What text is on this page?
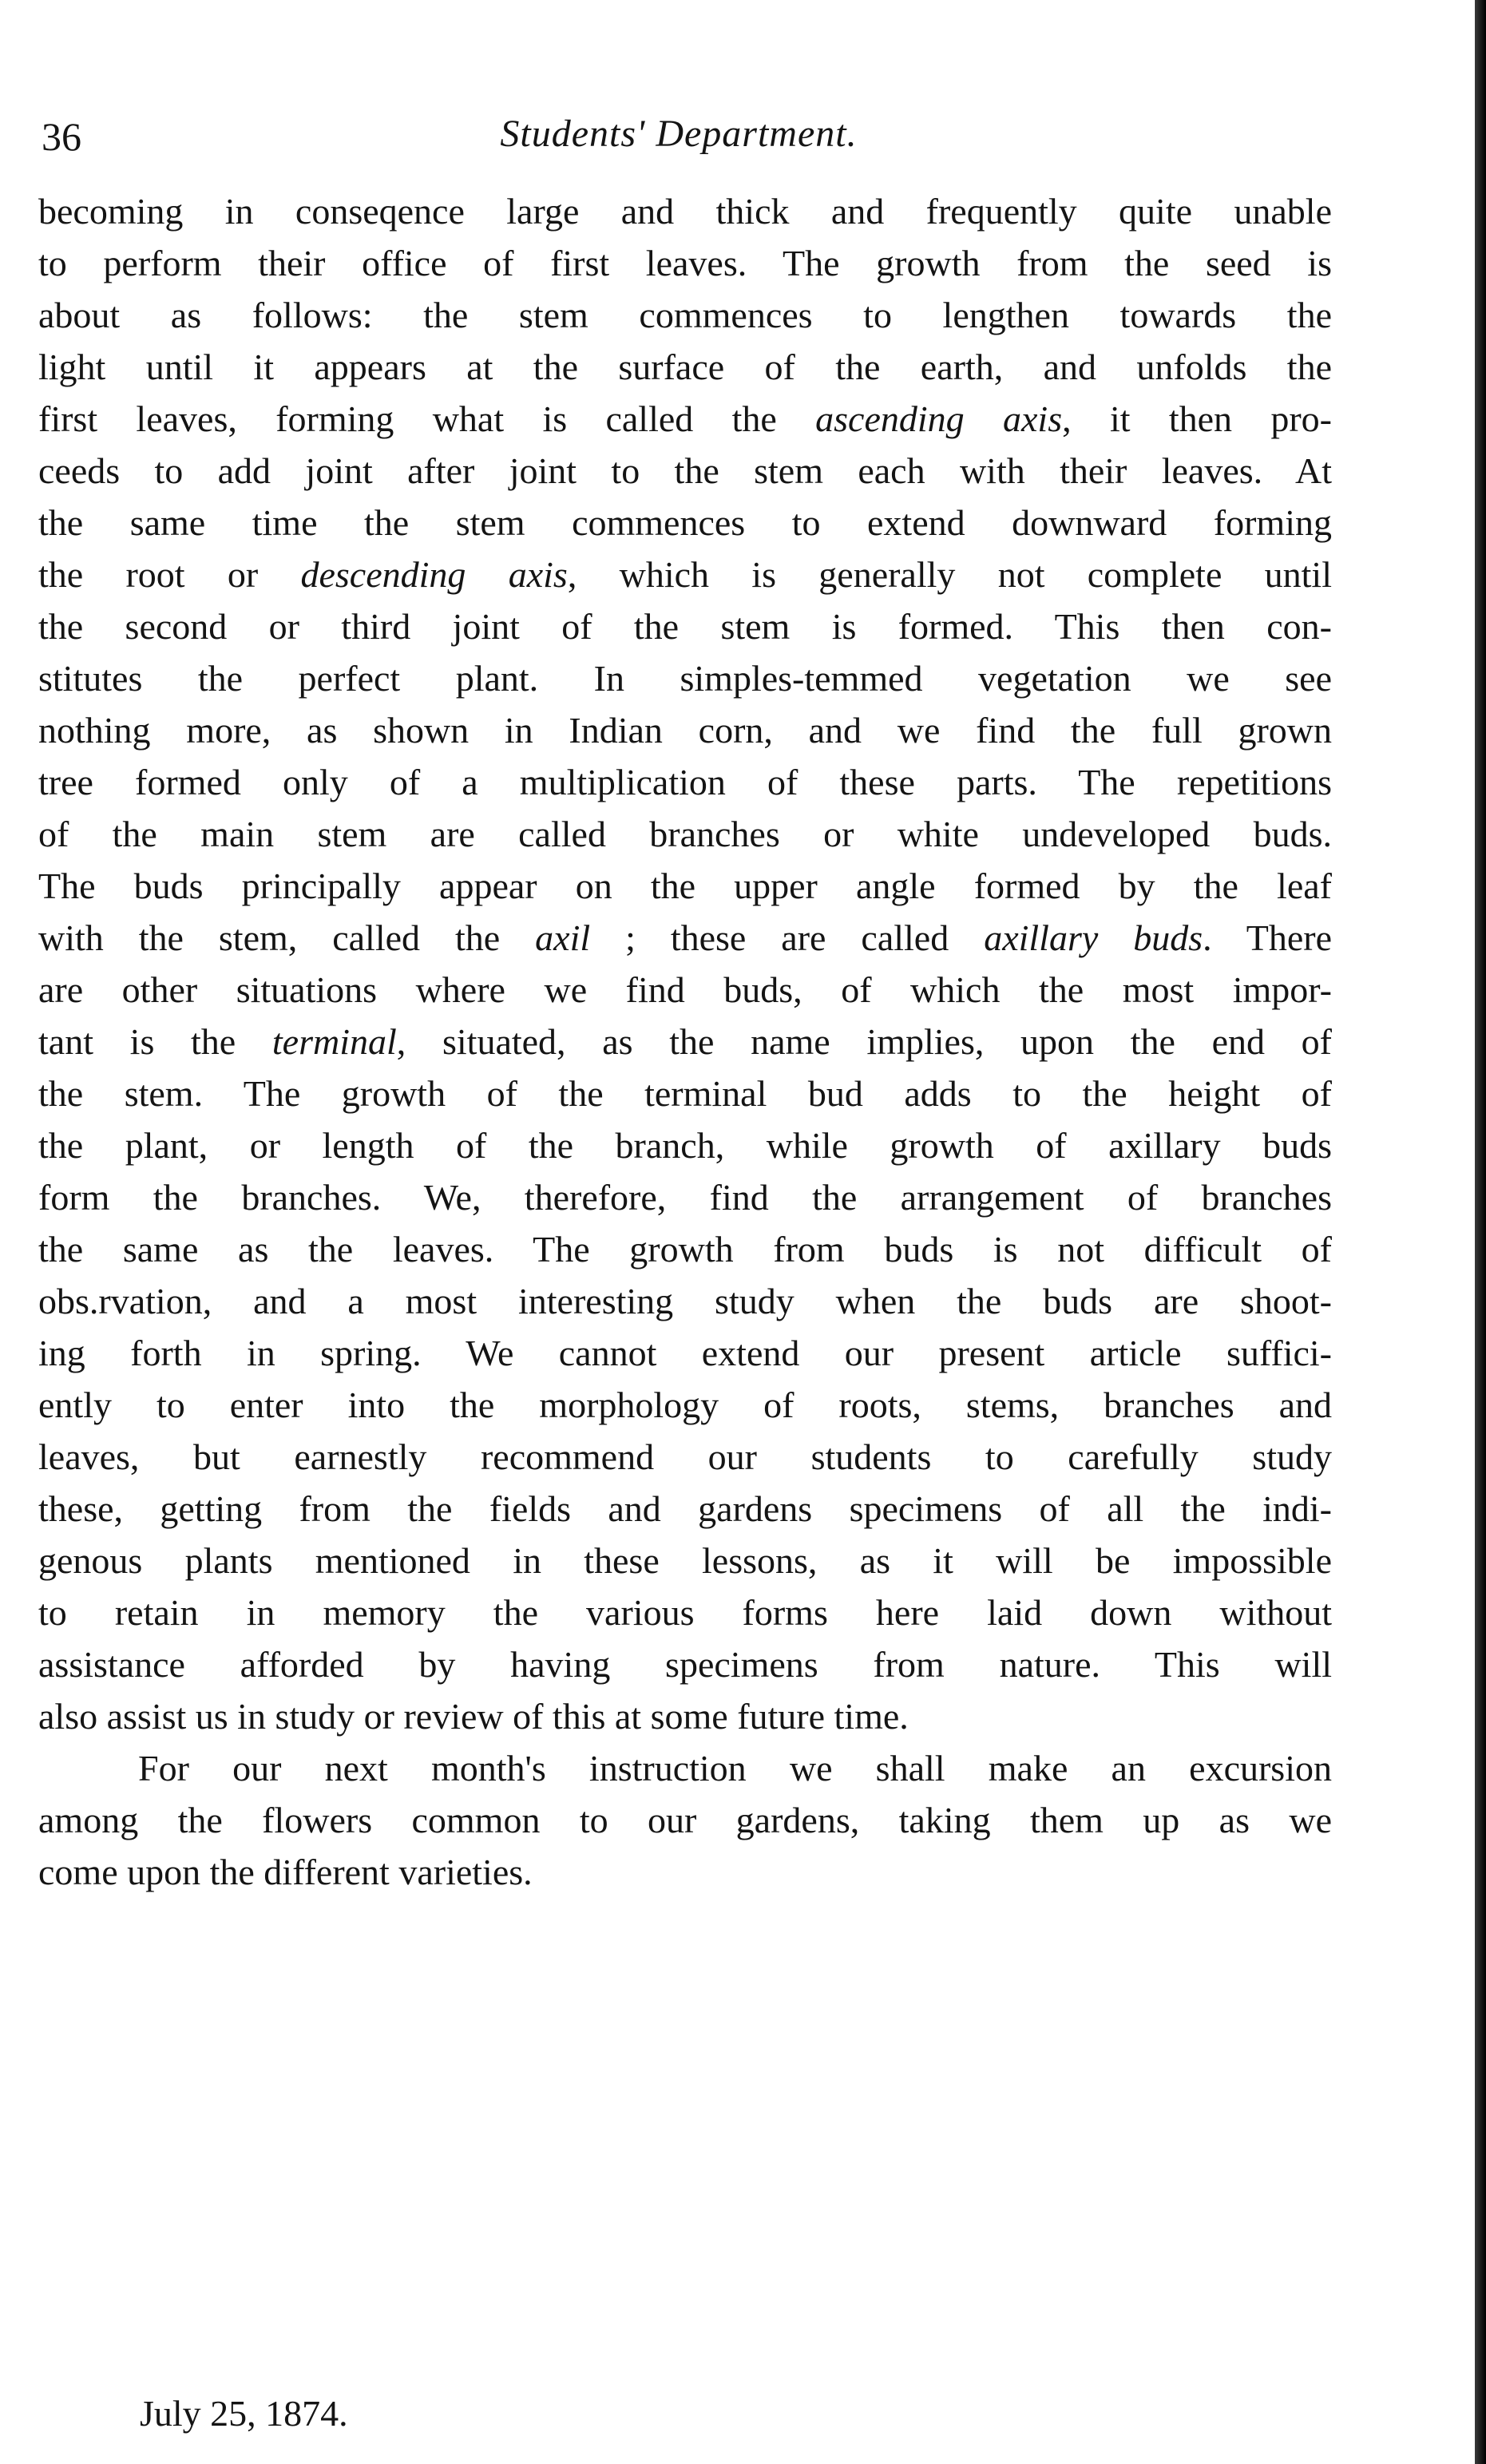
36	Students' Department.
becoming in conseqence large and thick and frequently quite unable
to perform their office of first leaves. The growth from the seed is
about as follows: the stem commences to lengthen towards the
light until it appears at the surface of the earth, and unfolds the
first leaves, forming what is called the ascending axis, it then pro-
ceeds to add joint after joint to the stem each with their leaves. At
the same time the stem commences to extend downward forming
the root or descending axis, which is generally not complete until
the second or third joint of the stem is formed. This then con-
stitutes the perfect plant. In simples-temmed vegetation we see
nothing more, as shown in Indian corn, and we find the full grown
tree formed only of a multiplication of these parts. The repetitions
of the main stem are called branches or white undeveloped buds.
The buds principally appear on the upper angle formed by the leaf
with the stem, called the axil ; these are called axillary buds. There
are other situations where we find buds, of which the most impor-
tant is the terminal, situated, as the name implies, upon the end of
the stem. The growth of the terminal bud adds to the height of
the plant, or length of the branch, while growth of axillary buds
form the branches. We, therefore, find the arrangement of branches
the same as the leaves. The growth from buds is not difficult of
obs.rvation, and a most interesting study when the buds are shoot-
ing forth in spring. We cannot extend our present article suffici-
ently to enter into the morphology of roots, stems, branches and
leaves, but earnestly recommend our students to carefully study
these, getting from the fields and gardens specimens of all the indi-
genous plants mentioned in these lessons, as it will be impossible
to retain in memory the various forms here laid down without
assistance afforded by having specimens from nature. This will
also assist us in study or review of this at some future time.
For our next month's instruction we shall make an excursion
among the flowers common to our gardens, taking them up as we
come upon the different varieties.
July 25, 1874.
